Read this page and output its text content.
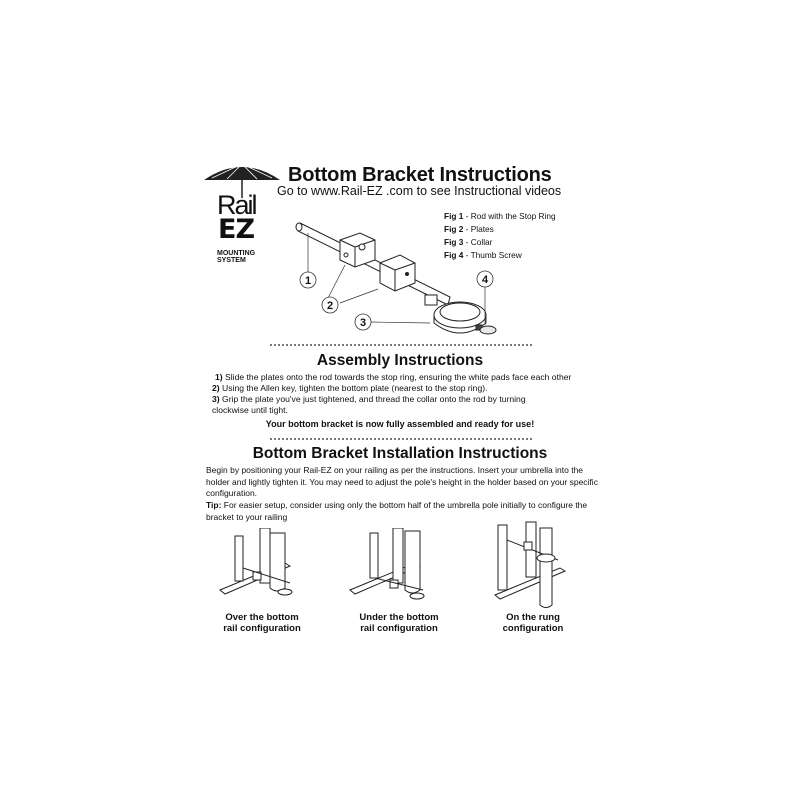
Rail
EZ
MOUNTING
SYSTEM
Bottom Bracket Instructions
Go to www.Rail-EZ .com to see Instructional videos
1
2
3
4
Fig 1 - Rod with the Stop Ring
Fig 2 - Plates
Fig 3 - Collar
Fig 4 - Thumb Screw
Assembly Instructions
1) Slide the plates onto the rod towards the stop ring, ensuring the white pads face each other
2) Using the Allen key, tighten the bottom plate (nearest to the stop ring).
3) Grip the plate you've just tightened, and thread the collar onto the rod by turning clockwise until tight.
Your bottom bracket is now fully assembled and ready for use!
Bottom Bracket Installation Instructions
Begin by positioning your Rail-EZ on your railing as per the instructions. Insert your umbrella into the holder and lightly tighten it. You may need to adjust the pole's height in the holder based on your specific configuration.
Tip: For easier setup, consider using only the bottom half of the umbrella pole initially to configure the bracket to your railing
Over the bottom
rail configuration
Under the bottom
rail configuration
On the rung
configuration
